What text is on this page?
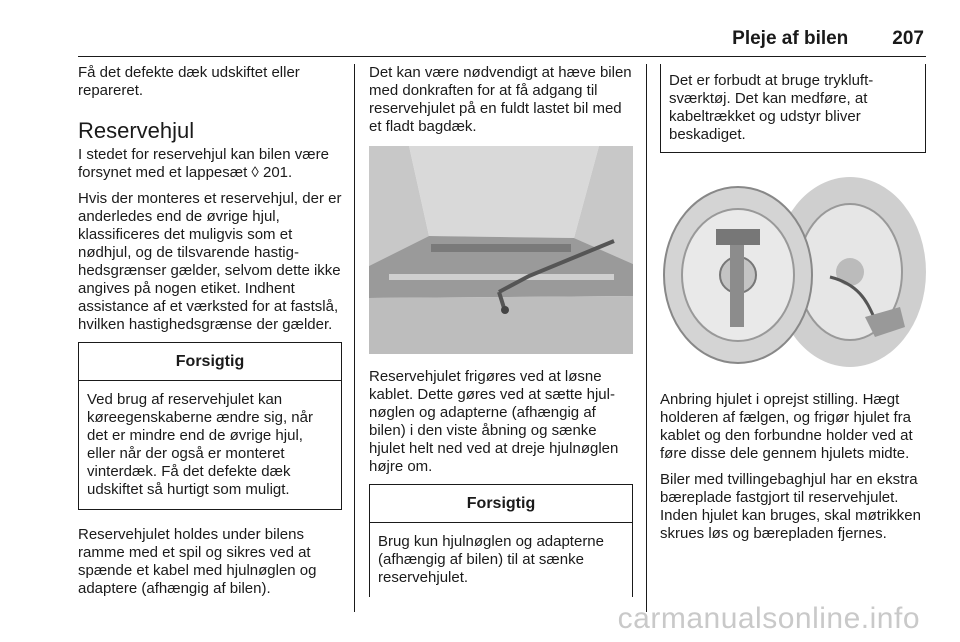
Pleje af bilen 207

Få det defekte dæk udskiftet eller repareret.

Reservehjul

I stedet for reservehjul kan bilen være forsynet med et lappesæt ◊ 201.

Hvis der monteres et reservehjul, der er anderledes end de øvrige hjul, klassificeres det muligvis som et nødhjul, og de tilsvarende hastighedsgrænser gælder, selvom dette ikke angives på nogen etiket. Indhent assistance af et værksted for at fastslå, hvilken hastighedsgrænse der gælder.

Forsigtig
Ved brug af reservehjulet kan køreegenskaberne ændre sig, når det er mindre end de øvrige hjul, eller når der også er monteret vinterdæk. Få det defekte dæk udskiftet så hurtigt som muligt.

Reservehjulet holdes under bilens ramme med et spil og sikres ved at spænde et kabel med hjulnøglen og adaptere (afhængig af bilen).

Det kan være nødvendigt at hæve bilen med donkraften for at få adgang til reservehjulet på en fuldt lastet bil med et fladt bagdæk.

Reservehjulet frigøres ved at løsne kablet. Dette gøres ved at sætte hjulnøglen og adapterne (afhængig af bilen) i den viste åbning og sænke hjulet helt ned ved at dreje hjulnøglen højre om.

Forsigtig
Brug kun hjulnøglen og adapterne (afhængig af bilen) til at sænke reservehjulet.
Det er forbudt at bruge trykluftsværktøj. Det kan medføre, at kabeltrækket og udstyr bliver beskadiget.

Anbring hjulet i oprejst stilling. Hægt holderen af fælgen, og frigør hjulet fra kablet og den forbundne holder ved at føre disse dele gennem hjulets midte.

Biler med tvillingebaghjul har en ekstra bæreplade fastgjort til reservehjulet. Inden hjulet kan bruges, skal møtrikken skrues løs og bærepladen fjernes.

carmanualsonline.info
